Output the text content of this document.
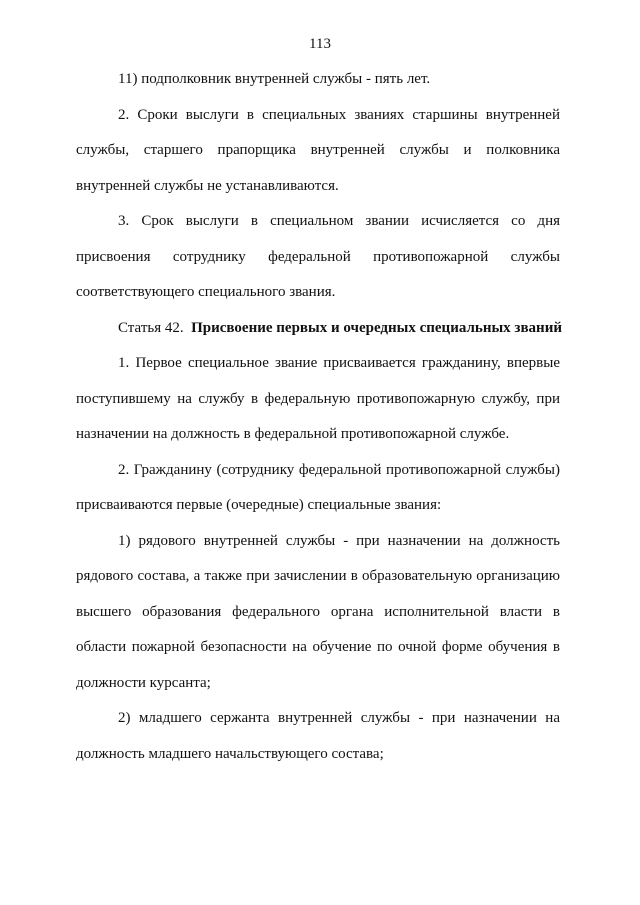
113

11) подполковник внутренней службы - пять лет.

2. Сроки выслуги в специальных званиях старшины внутренней службы, старшего прапорщика внутренней службы и полковника внутренней службы не устанавливаются.

3. Срок выслуги в специальном звании исчисляется со дня присвоения сотруднику федеральной противопожарной службы соответствующего специального звания.

Статья 42. Присвоение первых и очередных специальных званий

1. Первое специальное звание присваивается гражданину, впервые поступившему на службу в федеральную противопожарную службу, при назначении на должность в федеральной противопожарной службе.

2. Гражданину (сотруднику федеральной противопожарной службы) присваиваются первые (очередные) специальные звания:

1) рядового внутренней службы - при назначении на должность рядового состава, а также при зачислении в образовательную организацию высшего образования федерального органа исполнительной власти в области пожарной безопасности на обучение по очной форме обучения в должности курсанта;

2) младшего сержанта внутренней службы - при назначении на должность младшего начальствующего состава;
